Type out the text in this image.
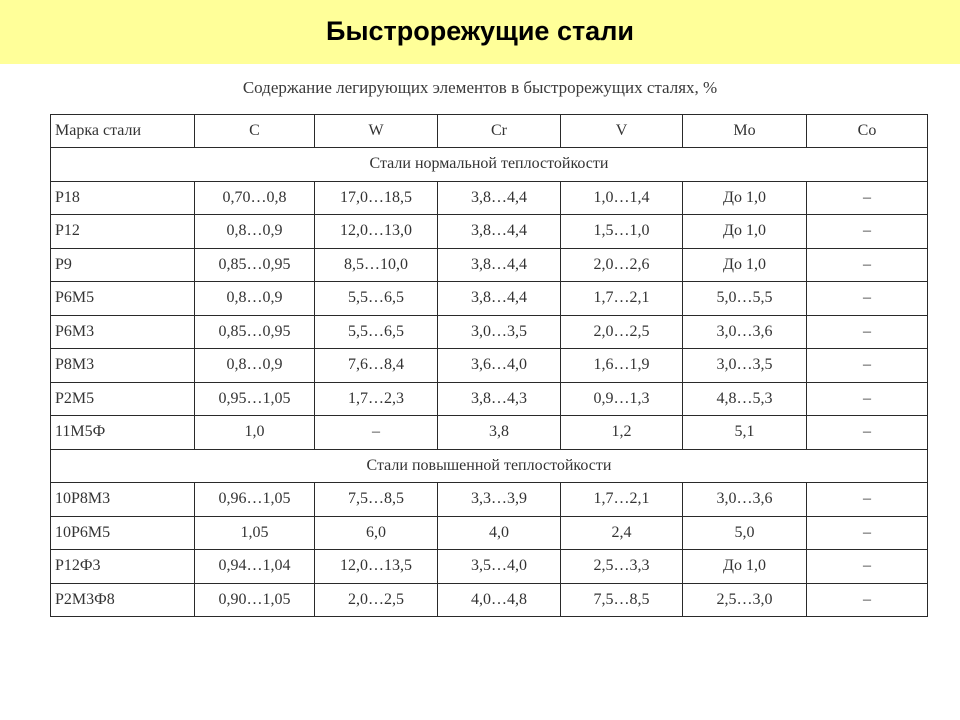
Быстрорежущие стали
Содержание легирующих элементов в быстрорежущих сталях, %
Марка стали	C	W	Cr	V	Mo	Co
Стали нормальной теплостойкости						
Р18	0,70…0,8	17,0…18,5	3,8…4,4	1,0…1,4	До 1,0	–
Р12	0,8…0,9	12,0…13,0	3,8…4,4	1,5…1,0	До 1,0	–
Р9	0,85…0,95	8,5…10,0	3,8…4,4	2,0…2,6	До 1,0	–
Р6М5	0,8…0,9	5,5…6,5	3,8…4,4	1,7…2,1	5,0…5,5	–
Р6М3	0,85…0,95	5,5…6,5	3,0…3,5	2,0…2,5	3,0…3,6	–
Р8М3	0,8…0,9	7,6…8,4	3,6…4,0	1,6…1,9	3,0…3,5	–
Р2М5	0,95…1,05	1,7…2,3	3,8…4,3	0,9…1,3	4,8…5,3	–
11М5Ф	1,0	–	3,8	1,2	5,1	–
Стали повышенной теплостойкости						
10Р8М3	0,96…1,05	7,5…8,5	3,3…3,9	1,7…2,1	3,0…3,6	–
10Р6М5	1,05	6,0	4,0	2,4	5,0	–
Р12Ф3	0,94…1,04	12,0…13,5	3,5…4,0	2,5…3,3	До 1,0	–
Р2М3Ф8	0,90…1,05	2,0…2,5	4,0…4,8	7,5…8,5	2,5…3,0	–
